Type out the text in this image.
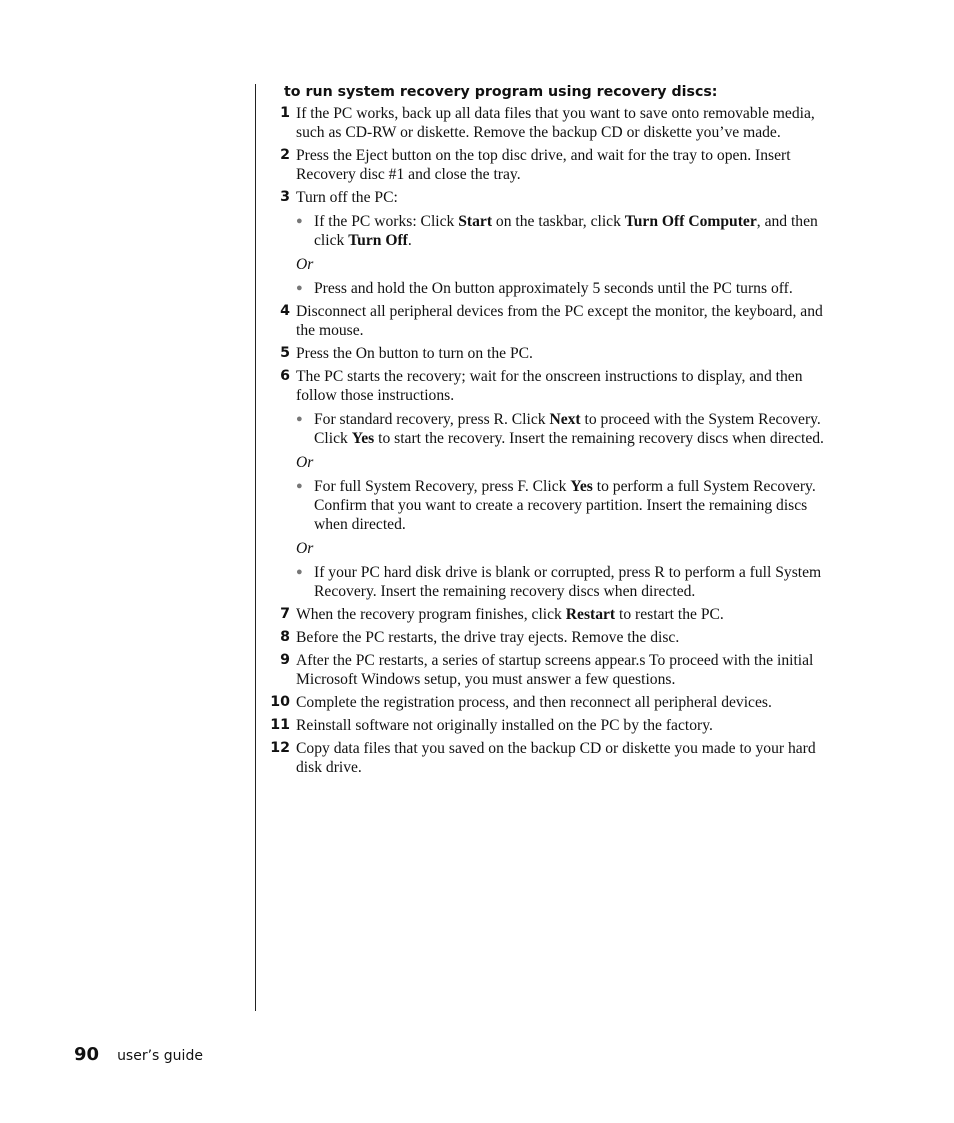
to run system recovery program using recovery discs:
1 If the PC works, back up all data files that you want to save onto removable media, such as CD-RW or diskette. Remove the backup CD or diskette you’ve made.
2 Press the Eject button on the top disc drive, and wait for the tray to open. Insert Recovery disc #1 and close the tray.
3 Turn off the PC:
● If the PC works: Click Start on the taskbar, click Turn Off Computer, and then click Turn Off.
Or
● Press and hold the On button approximately 5 seconds until the PC turns off.
4 Disconnect all peripheral devices from the PC except the monitor, the keyboard, and the mouse.
5 Press the On button to turn on the PC.
6 The PC starts the recovery; wait for the onscreen instructions to display, and then follow those instructions.
● For standard recovery, press R. Click Next to proceed with the System Recovery. Click Yes to start the recovery. Insert the remaining recovery discs when directed.
Or
● For full System Recovery, press F. Click Yes to perform a full System Recovery. Confirm that you want to create a recovery partition. Insert the remaining discs when directed.
Or
● If your PC hard disk drive is blank or corrupted, press R to perform a full System Recovery. Insert the remaining recovery discs when directed.
7 When the recovery program finishes, click Restart to restart the PC.
8 Before the PC restarts, the drive tray ejects. Remove the disc.
9 After the PC restarts, a series of startup screens appear.s To proceed with the initial Microsoft Windows setup, you must answer a few questions.
10 Complete the registration process, and then reconnect all peripheral devices.
11 Reinstall software not originally installed on the PC by the factory.
12 Copy data files that you saved on the backup CD or diskette you made to your hard disk drive.
90 user’s guide
